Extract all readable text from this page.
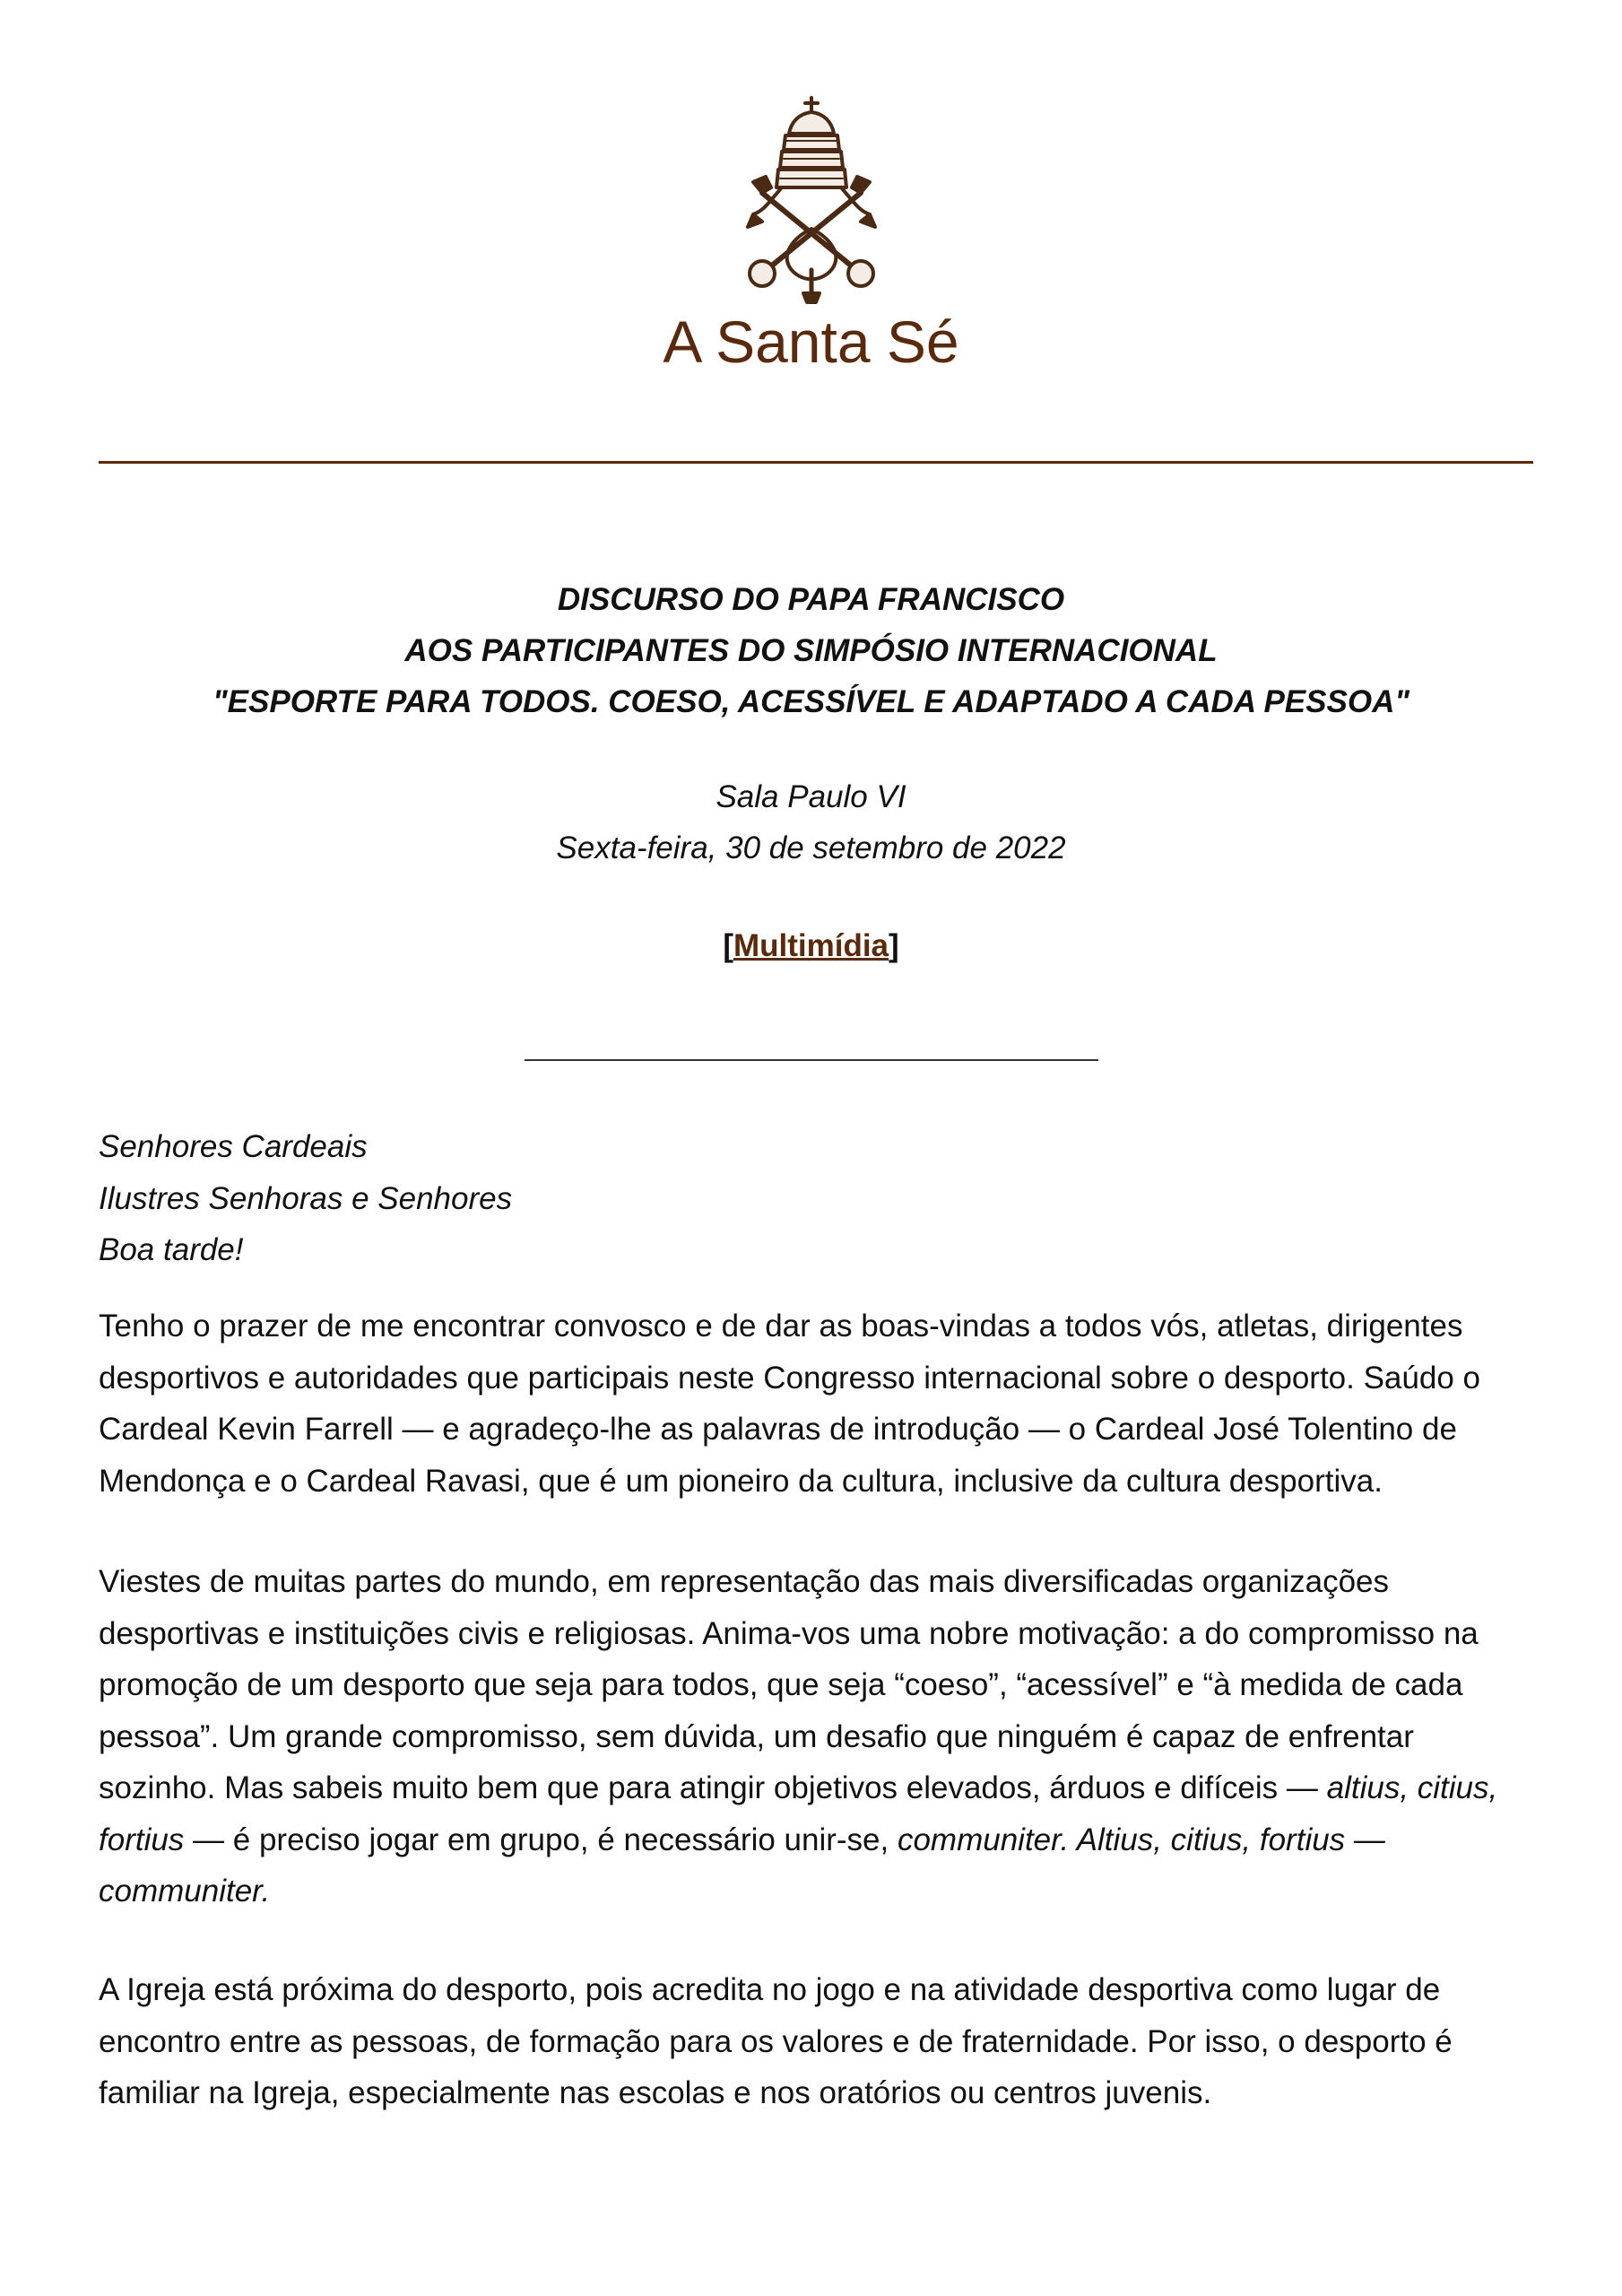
A Santa Sé
DISCURSO DO PAPA FRANCISCO
AOS PARTICIPANTES DO SIMPÓSIO INTERNACIONAL
"ESPORTE PARA TODOS. COESO, ACESSÍVEL E ADAPTADO A CADA PESSOA"
Sala Paulo VI
Sexta-feira, 30 de setembro de 2022
[Multimídia]
Senhores Cardeais
Ilustres Senhoras e Senhores
Boa tarde!

Tenho o prazer de me encontrar convosco e de dar as boas-vindas a todos vós, atletas, dirigentes desportivos e autoridades que participais neste Congresso internacional sobre o desporto. Saúdo o Cardeal Kevin Farrell — e agradeço-lhe as palavras de introdução — o Cardeal José Tolentino de Mendonça e o Cardeal Ravasi, que é um pioneiro da cultura, inclusive da cultura desportiva.

Viestes de muitas partes do mundo, em representação das mais diversificadas organizações desportivas e instituições civis e religiosas. Anima-vos uma nobre motivação: a do compromisso na promoção de um desporto que seja para todos, que seja “coeso”, “acessível” e “à medida de cada pessoa”. Um grande compromisso, sem dúvida, um desafio que ninguém é capaz de enfrentar sozinho. Mas sabeis muito bem que para atingir objetivos elevados, árduos e difíceis — altius, citius, fortius — é preciso jogar em grupo, é necessário unir-se, communiter. Altius, citius, fortius — communiter.

A Igreja está próxima do desporto, pois acredita no jogo e na atividade desportiva como lugar de encontro entre as pessoas, de formação para os valores e de fraternidade. Por isso, o desporto é familiar na Igreja, especialmente nas escolas e nos oratórios ou centros juvenis.
